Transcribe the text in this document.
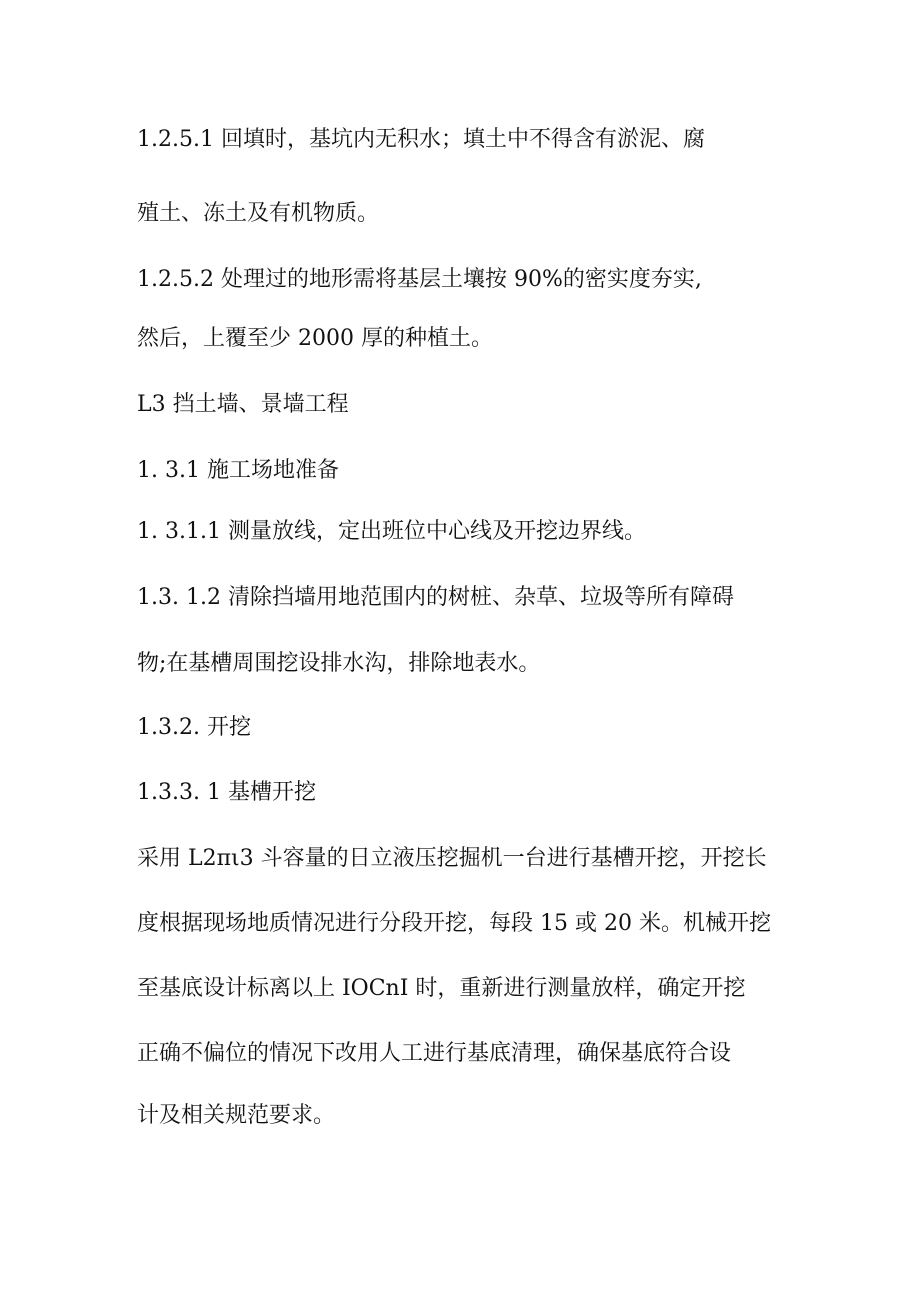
1.2.5.1 回填时，基坑内无积水；填土中不得含有淤泥、腐
殖土、冻土及有机物质。
1.2.5.2 处理过的地形需将基层土壤按 90%的密实度夯实,
然后，上覆至少 2000 厚的种植土。
L3 挡土墙、景墙工程
1. 3.1 施工场地准备
1. 3.1.1 测量放线，定出班位中心线及开挖边界线。
1.3. 1.2 清除挡墙用地范围内的树桩、杂草、垃圾等所有障碍
物;在基槽周围挖设排水沟，排除地表水。
1.3.2. 开挖
1.3.3. 1 基槽开挖
采用 L2πι3 斗容量的日立液压挖掘机一台进行基槽开挖，开挖长
度根据现场地质情况进行分段开挖，每段 15 或 20 米。机械开挖
至基底设计标离以上 IOCnI 时，重新进行测量放样，确定开挖
正确不偏位的情况下改用人工进行基底清理，确保基底符合设
计及相关规范要求。
